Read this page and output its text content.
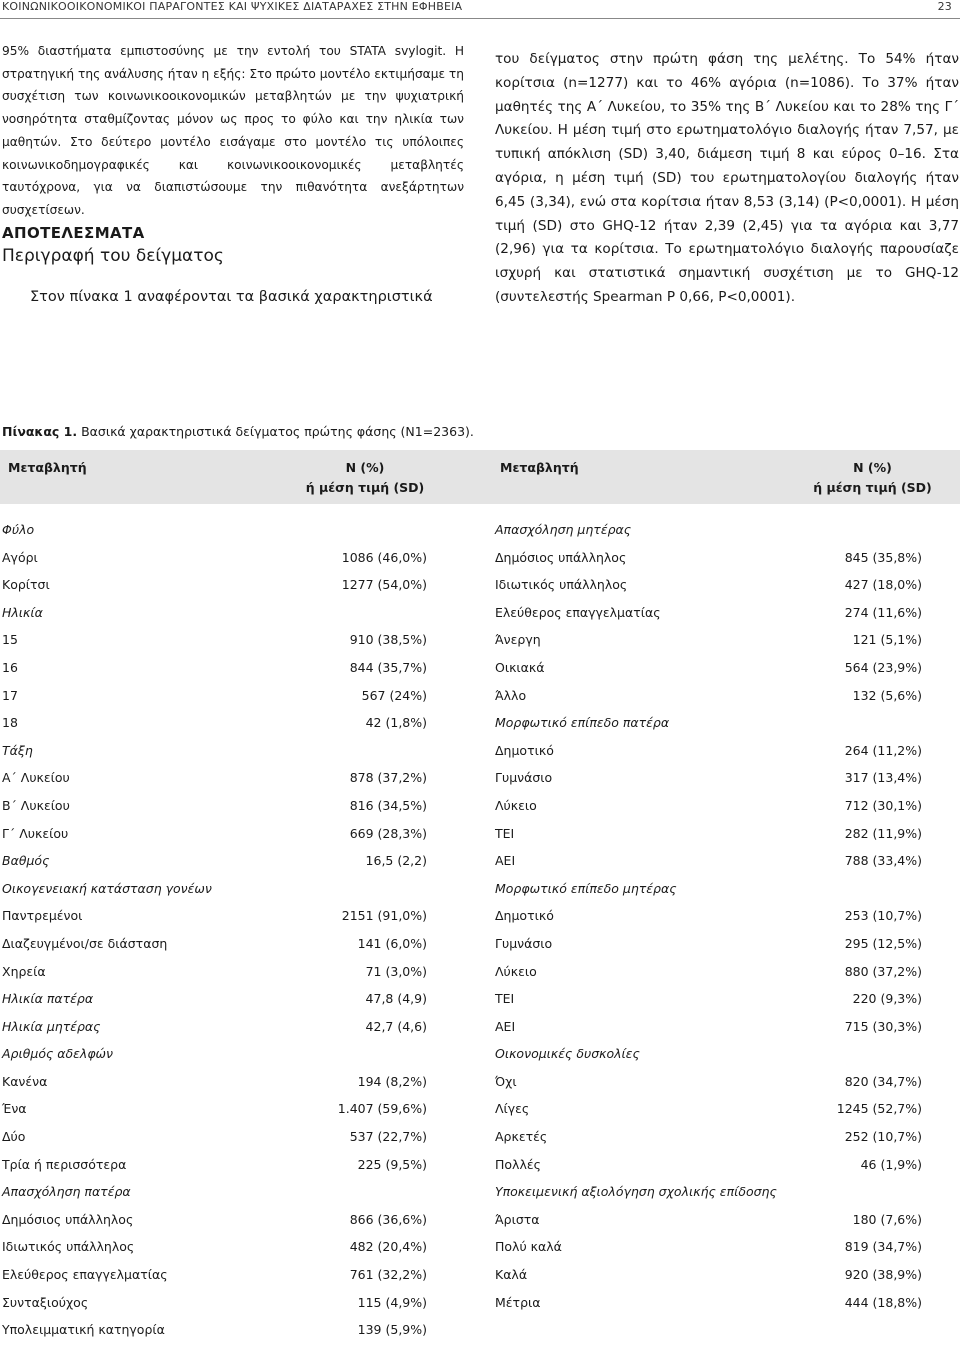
ΚΟΙΝΩΝΙΚΟΟΙΚΟΝΟΜΙΚΟΙ ΠΑΡΑΓΟΝΤΕΣ ΚΑΙ ΨΥΧΙΚΕΣ ΔΙΑΤΑΡΑΧΕΣ ΣΤΗΝ ΕΦΗΒΕΙΑ	23

95% διαστήματα εμπιστοσύνης με την εντολή του STATA svylogit. Η στρατηγική της ανάλυσης ήταν η εξής: Στο πρώτο μοντέλο εκτιμήσαμε τη συσχέτιση των κοινωνικοοικονομικών μεταβλητών με την ψυχιατρική νοσηρότητα σταθμίζοντας μόνον ως προς το φύλο και την ηλικία των μαθητών. Στο δεύτερο μοντέλο εισάγαμε στο μοντέλο τις υπόλοιπες κοινωνικοδημογραφικές και κοινωνικοοικονομικές μεταβλητές ταυτόχρονα, για να διαπιστώσουμε την πιθανότητα ανεξάρτητων συσχετίσεων.

ΑΠΟΤΕΛΕΣΜΑΤΑ

Περιγραφή του δείγματος

Στον πίνακα 1 αναφέρονται τα βασικά χαρακτηριστικά

του δείγματος στην πρώτη φάση της μελέτης. Το 54% ήταν κορίτσια (n=1277) και το 46% αγόρια (n=1086). Το 37% ήταν μαθητές της Α΄ Λυκείου, το 35% της Β΄ Λυκείου και το 28% της Γ΄ Λυκείου. Η μέση τιμή στο ερωτηματολόγιο διαλογής ήταν 7,57, με τυπική απόκλιση (SD) 3,40, διάμεση τιμή 8 και εύρος 0–16. Στα αγόρια, η μέση τιμή (SD) του ερωτηματολογίου διαλογής ήταν 6,45 (3,34), ενώ στα κορίτσια ήταν 8,53 (3,14) (P<0,0001). Η μέση τιμή (SD) στο GHQ-12 ήταν 2,39 (2,45) για τα αγόρια και 3,77 (2,96) για τα κορίτσια. Το ερωτηματολόγιο διαλογής παρουσίαζε ισχυρή και στατιστικά σημαντική συσχέτιση με το GHQ-12 (συντελεστής Spearman P 0,66, P<0,0001).

Πίνακας 1. Βασικά χαρακτηριστικά δείγματος πρώτης φάσης (N1=2363).
Μεταβλητή	N (%)
ή μέση τιμή (SD)
Μεταβλητή	N (%)
ή μέση τιμή (SD)
Φύλο
Αγόρι	1086 (46,0%)
Κορίτσι	1277 (54,0%)
Ηλικία
15	910 (38,5%)
16	844 (35,7%)
17	567 (24%)
18	42 (1,8%)
Τάξη
Α΄ Λυκείου	878 (37,2%)
Β΄ Λυκείου	816 (34,5%)
Γ΄ Λυκείου	669 (28,3%)
Βαθμός	16,5 (2,2)
Οικογενειακή κατάσταση γονέων
Παντρεμένοι	2151 (91,0%)
Διαζευγμένοι/σε διάσταση	141 (6,0%)
Χηρεία	71 (3,0%)
Ηλικία πατέρα	47,8 (4,9)
Ηλικία μητέρας	42,7 (4,6)
Αριθμός αδελφών
Κανένα	194 (8,2%)
Ένα	1.407 (59,6%)
Δύο	537 (22,7%)
Τρία ή περισσότερα	225 (9,5%)
Απασχόληση πατέρα
Δημόσιος υπάλληλος	866 (36,6%)
Ιδιωτικός υπάλληλος	482 (20,4%)
Ελεύθερος επαγγελματίας	761 (32,2%)
Συνταξιούχος	115 (4,9%)
Υπολειμματική κατηγορία	139 (5,9%)
Απασχόληση μητέρας
Δημόσιος υπάλληλος	845 (35,8%)
Ιδιωτικός υπάλληλος	427 (18,0%)
Ελεύθερος επαγγελματίας	274 (11,6%)
Άνεργη	121 (5,1%)
Οικιακά	564 (23,9%)
Άλλο	132 (5,6%)
Μορφωτικό επίπεδο πατέρα
Δημοτικό	264 (11,2%)
Γυμνάσιο	317 (13,4%)
Λύκειο	712 (30,1%)
ΤΕΙ	282 (11,9%)
ΑΕΙ	788 (33,4%)
Μορφωτικό επίπεδο μητέρας
Δημοτικό	253 (10,7%)
Γυμνάσιο	295 (12,5%)
Λύκειο	880 (37,2%)
ΤΕΙ	220 (9,3%)
ΑΕΙ	715 (30,3%)
Οικονομικές δυσκολίες
Όχι	820 (34,7%)
Λίγες	1245 (52,7%)
Αρκετές	252 (10,7%)
Πολλές	46 (1,9%)
Υποκειμενική αξιολόγηση σχολικής επίδοσης
Άριστα	180 (7,6%)
Πολύ καλά	819 (34,7%)
Καλά	920 (38,9%)
Μέτρια	444 (18,8%)
